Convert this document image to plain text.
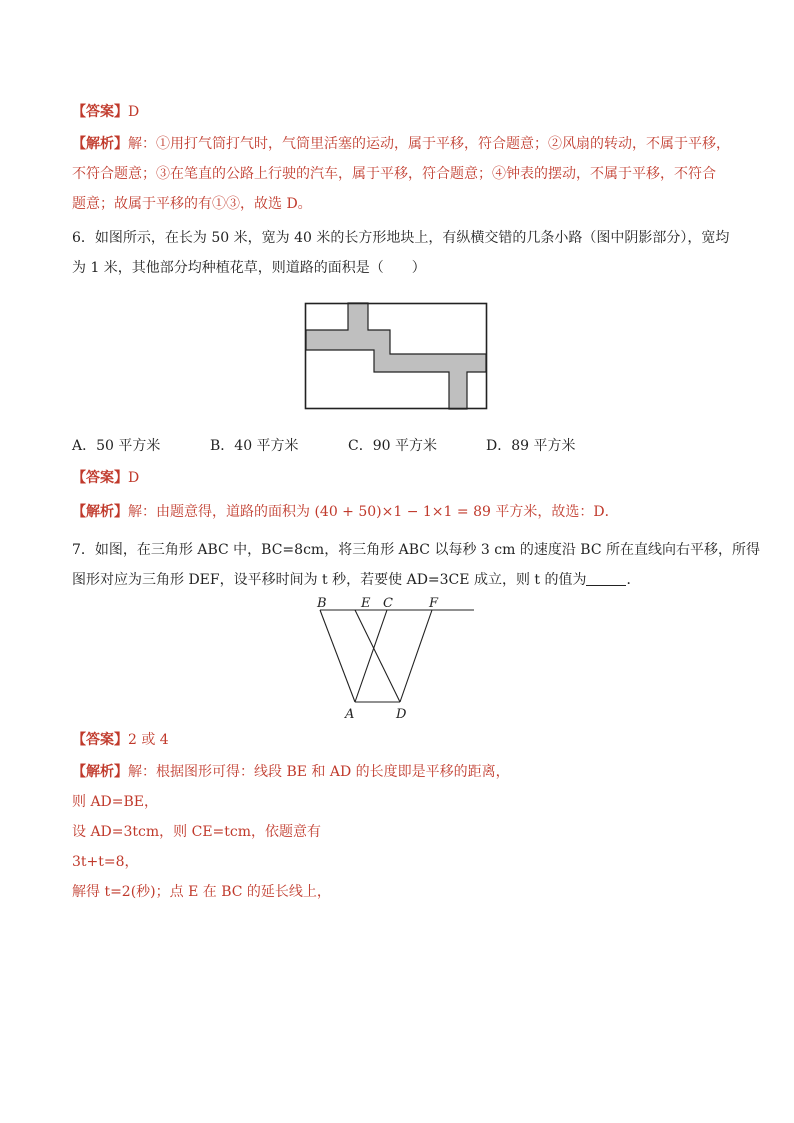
【答案】D
【解析】解：①用打气筒打气时，气筒里活塞的运动，属于平移，符合题意；②风扇的转动，不属于平移，
不符合题意；③在笔直的公路上行驶的汽车，属于平移，符合题意；④钟表的摆动，不属于平移，不符合
题意；故属于平移的有①③，故选 D。
6．如图所示，在长为 50 米，宽为 40 米的长方形地块上，有纵横交错的几条小路（图中阴影部分），宽均
为 1 米，其他部分均种植花草，则道路的面积是（　　）
A．50 平方米	B．40 平方米	C．90 平方米	D．89 平方米
【答案】D
【解析】解：由题意得，道路的面积为 (40 + 50)×1 − 1×1 = 89 平方米，故选：D．
7．如图，在三角形 ABC 中，BC=8cm，将三角形 ABC 以每秒 3 cm 的速度沿 BC 所在直线向右平移，所得
图形对应为三角形 DEF，设平移时间为 t 秒，若要使 AD=3CE 成立，则 t 的值为	．
B	E C	F
A	D
【答案】2 或 4
【解析】解：根据图形可得：线段 BE 和 AD 的长度即是平移的距离，
则 AD=BE，
设 AD=3tcm，则 CE=tcm，依题意有
3t+t=8，
解得 t=2(秒)；点 E 在 BC 的延长线上，
